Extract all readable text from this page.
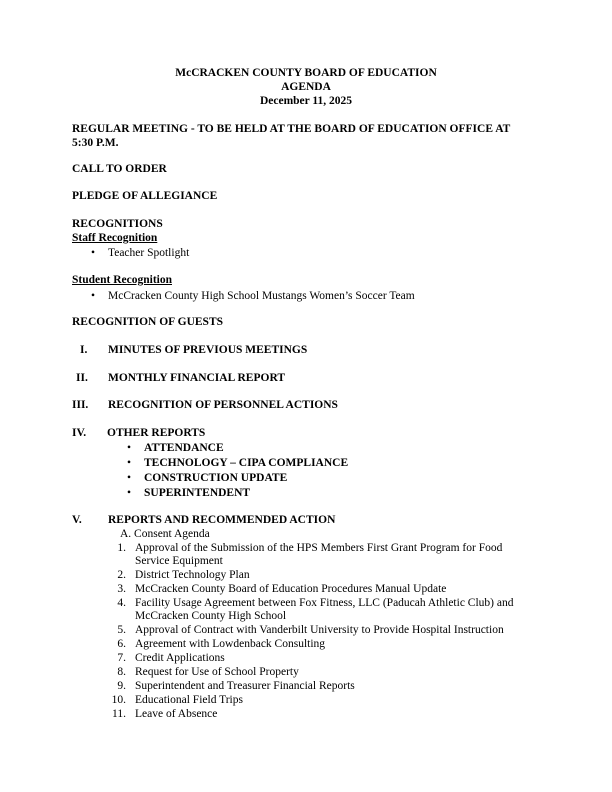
McCRACKEN COUNTY BOARD OF EDUCATION
AGENDA
December 11, 2025
REGULAR MEETING - TO BE HELD AT THE BOARD OF EDUCATION OFFICE AT
5:30 P.M.
CALL TO ORDER
PLEDGE OF ALLEGIANCE
RECOGNITIONS
Staff Recognition
• Teacher Spotlight
Student Recognition
• McCracken County High School Mustangs Women’s Soccer Team
RECOGNITION OF GUESTS
I. MINUTES OF PREVIOUS MEETINGS
II. MONTHLY FINANCIAL REPORT
III. RECOGNITION OF PERSONNEL ACTIONS
IV. OTHER REPORTS
• ATTENDANCE
• TECHNOLOGY – CIPA COMPLIANCE
• CONSTRUCTION UPDATE
• SUPERINTENDENT
V. REPORTS AND RECOMMENDED ACTION
A. Consent Agenda
1. Approval of the Submission of the HPS Members First Grant Program for Food
Service Equipment
2. District Technology Plan
3. McCracken County Board of Education Procedures Manual Update
4. Facility Usage Agreement between Fox Fitness, LLC (Paducah Athletic Club) and
McCracken County High School
5. Approval of Contract with Vanderbilt University to Provide Hospital Instruction
6. Agreement with Lowdenback Consulting
7. Credit Applications
8. Request for Use of School Property
9. Superintendent and Treasurer Financial Reports
10. Educational Field Trips
11. Leave of Absence
